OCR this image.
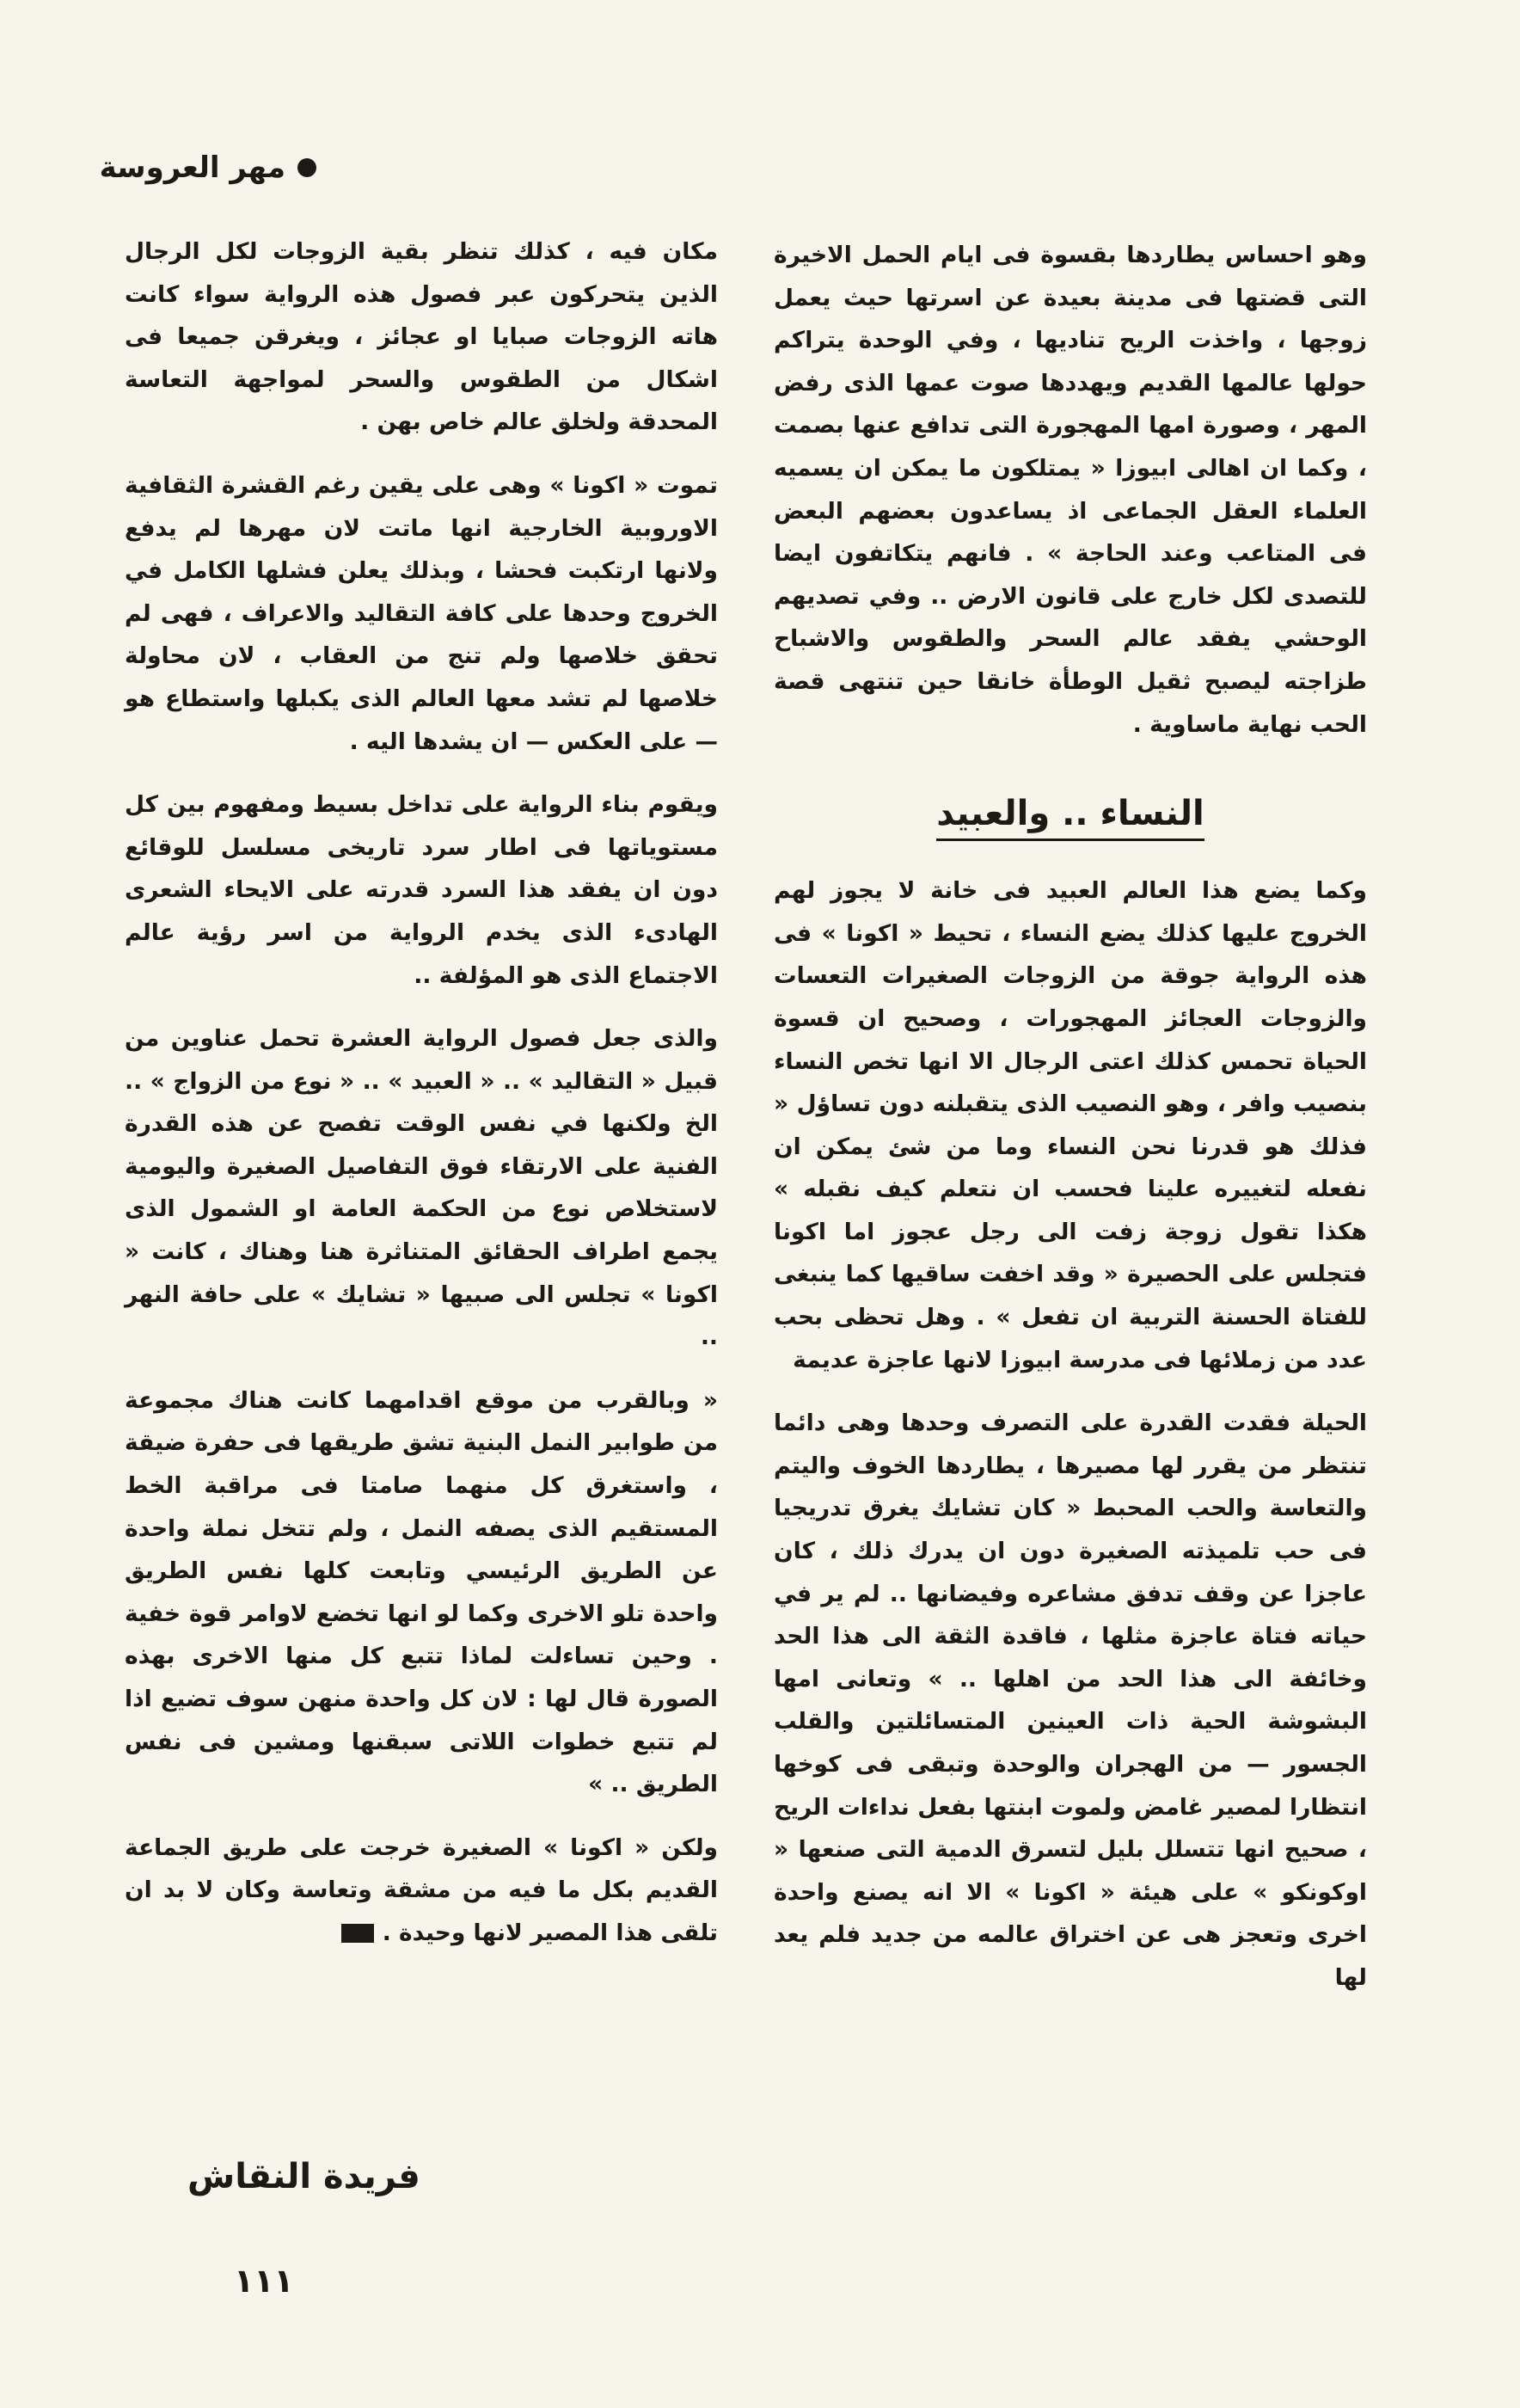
مهر العروسة

وهو احساس يطاردها بقسوة فى ايام الحمل الاخيرة التى قضتها فى مدينة بعيدة عن اسرتها حيث يعمل زوجها ، واخذت الريح تناديها ، وفي الوحدة يتراكم حولها عالمها القديم ويهددها صوت عمها الذى رفض المهر ، وصورة امها المهجورة التى تدافع عنها بصمت ، وكما ان اهالى ابيوزا « يمتلكون ما يمكن ان يسميه العلماء العقل الجماعى اذ يساعدون بعضهم البعض فى المتاعب وعند الحاجة » . فانهم يتكاتفون ايضا للتصدى لكل خارج على قانون الارض .. وفي تصديهم الوحشي يفقد عالم السحر والطقوس والاشباح طزاجته ليصبح ثقيل الوطأة خانقا حين تنتهى قصة الحب نهاية ماساوية .

النساء .. والعبيد

وكما يضع هذا العالم العبيد فى خانة لا يجوز لهم الخروج عليها كذلك يضع النساء ، تحيط « اكونا » فى هذه الرواية جوقة من الزوجات الصغيرات التعسات والزوجات العجائز المهجورات ، وصحيح ان قسوة الحياة تحمس كذلك اعتى الرجال الا انها تخص النساء بنصيب وافر ، وهو النصيب الذى يتقبلنه دون تساؤل « فذلك هو قدرنا نحن النساء وما من شئ يمكن ان نفعله لتغييره علينا فحسب ان نتعلم كيف نقبله » هكذا تقول زوجة زفت الى رجل عجوز اما اكونا فتجلس على الحصيرة « وقد اخفت ساقيها كما ينبغى للفتاة الحسنة التربية ان تفعل » . وهل تحظى بحب عدد من زملائها فى مدرسة ابيوزا لانها عاجزة عديمة

الحيلة فقدت القدرة على التصرف وحدها وهى دائما تنتظر من يقرر لها مصيرها ، يطاردها الخوف واليتم والتعاسة والحب المحبط « كان تشايك يغرق تدريجيا فى حب تلميذته الصغيرة دون ان يدرك ذلك ، كان عاجزا عن وقف تدفق مشاعره وفيضانها .. لم ير في حياته فتاة عاجزة مثلها ، فاقدة الثقة الى هذا الحد وخائفة الى هذا الحد من اهلها .. » وتعانى امها البشوشة الحية ذات العينين المتسائلتين والقلب الجسور — من الهجران والوحدة وتبقى فى كوخها انتظارا لمصير غامض ولموت ابنتها بفعل نداءات الريح ، صحيح انها تتسلل بليل لتسرق الدمية التى صنعها « اوكونكو » على هيئة « اكونا » الا انه يصنع واحدة اخرى وتعجز هى عن اختراق عالمه من جديد فلم يعد لها

مكان فيه ، كذلك تنظر بقية الزوجات لكل الرجال الذين يتحركون عبر فصول هذه الرواية سواء كانت هاته الزوجات صبايا او عجائز ، ويغرقن جميعا فى اشكال من الطقوس والسحر لمواجهة التعاسة المحدقة ولخلق عالم خاص بهن .

تموت « اكونا » وهى على يقين رغم القشرة الثقافية الاوروبية الخارجية انها ماتت لان مهرها لم يدفع ولانها ارتكبت فحشا ، وبذلك يعلن فشلها الكامل في الخروج وحدها على كافة التقاليد والاعراف ، فهى لم تحقق خلاصها ولم تنج من العقاب ، لان محاولة خلاصها لم تشد معها العالم الذى يكبلها واستطاع هو — على العكس — ان يشدها اليه .

ويقوم بناء الرواية على تداخل بسيط ومفهوم بين كل مستوياتها فى اطار سرد تاريخى مسلسل للوقائع دون ان يفقد هذا السرد قدرته على الايحاء الشعرى الهادىء الذى يخدم الرواية من اسر رؤية عالم الاجتماع الذى هو المؤلفة ..

والذى جعل فصول الرواية العشرة تحمل عناوين من قبيل « التقاليد » .. « العبيد » .. « نوع من الزواج » .. الخ ولكنها في نفس الوقت تفصح عن هذه القدرة الفنية على الارتقاء فوق التفاصيل الصغيرة واليومية لاستخلاص نوع من الحكمة العامة او الشمول الذى يجمع اطراف الحقائق المتناثرة هنا وهناك ، كانت « اكونا » تجلس الى صبيها « تشايك » على حافة النهر ..

« وبالقرب من موقع اقدامهما كانت هناك مجموعة من طوابير النمل البنية تشق طريقها فى حفرة ضيقة ، واستغرق كل منهما صامتا فى مراقبة الخط المستقيم الذى يصفه النمل ، ولم تتخل نملة واحدة عن الطريق الرئيسي وتابعت كلها نفس الطريق واحدة تلو الاخرى وكما لو انها تخضع لاوامر قوة خفية . وحين تساءلت لماذا تتبع كل منها الاخرى بهذه الصورة قال لها : لان كل واحدة منهن سوف تضيع اذا لم تتبع خطوات اللاتى سبقنها ومشين فى نفس الطريق .. »

ولكن « اكونا » الصغيرة خرجت على طريق الجماعة القديم بكل ما فيه من مشقة وتعاسة وكان لا بد ان تلقى هذا المصير لانها وحيدة .

فريدة النقاش
١١١
